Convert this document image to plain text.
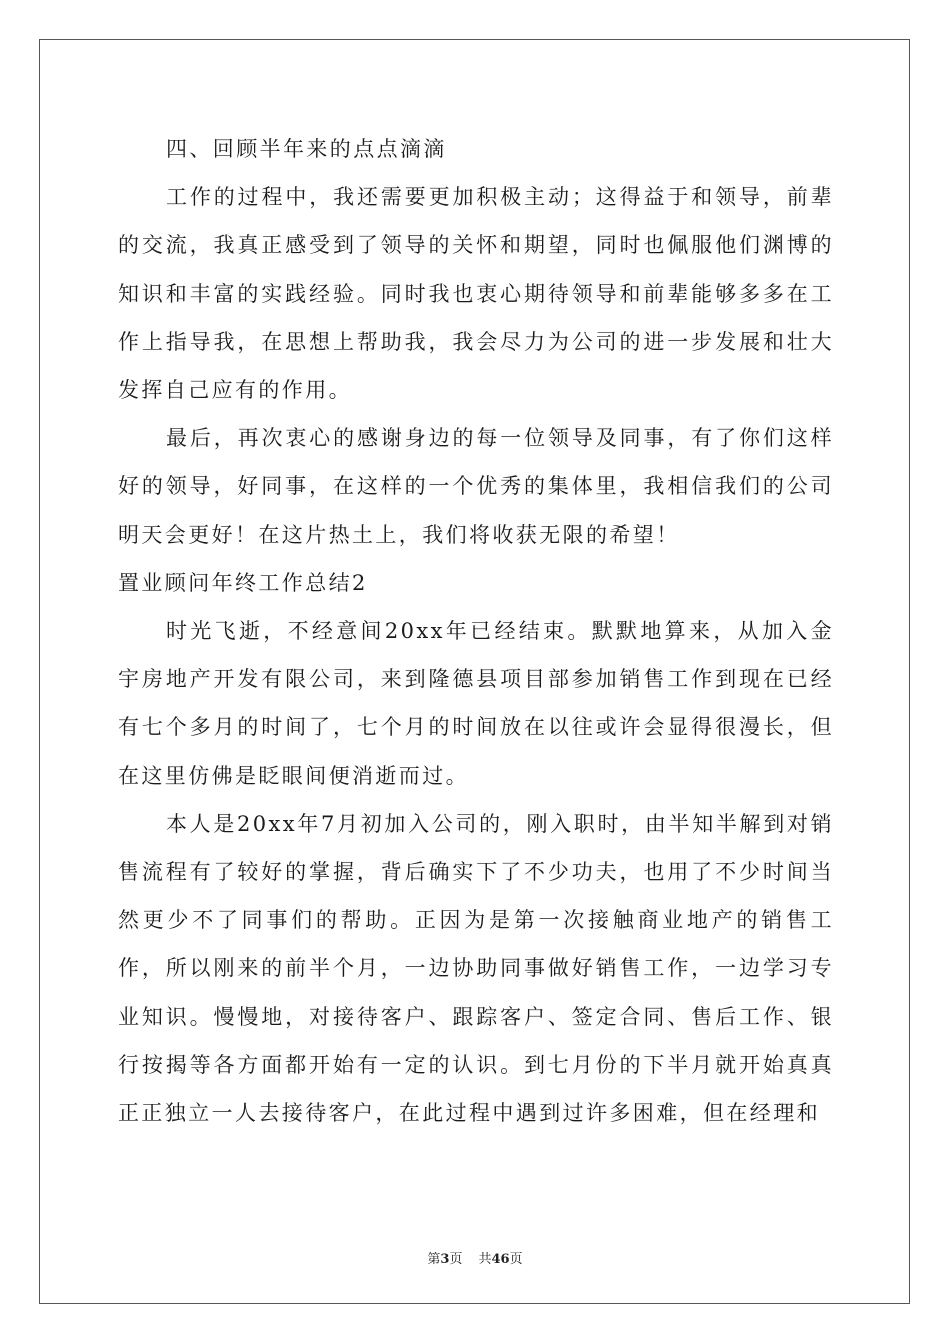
四、回顾半年来的点点滴滴

工作的过程中，我还需要更加积极主动；这得益于和领导，前辈的交流，我真正感受到了领导的关怀和期望，同时也佩服他们渊博的知识和丰富的实践经验。同时我也衷心期待领导和前辈能够多多在工作上指导我，在思想上帮助我，我会尽力为公司的进一步发展和壮大发挥自己应有的作用。

最后，再次衷心的感谢身边的每一位领导及同事，有了你们这样好的领导，好同事，在这样的一个优秀的集体里，我相信我们的公司明天会更好！在这片热土上，我们将收获无限的希望！

置业顾问年终工作总结2

时光飞逝，不经意间20xx年已经结束。默默地算来，从加入金宇房地产开发有限公司，来到隆德县项目部参加销售工作到现在已经有七个多月的时间了，七个月的时间放在以往或许会显得很漫长，但在这里仿佛是眨眼间便消逝而过。

本人是20xx年7月初加入公司的，刚入职时，由半知半解到对销售流程有了较好的掌握，背后确实下了不少功夫，也用了不少时间当然更少不了同事们的帮助。正因为是第一次接触商业地产的销售工作，所以刚来的前半个月，一边协助同事做好销售工作，一边学习专业知识。慢慢地，对接待客户、跟踪客户、签定合同、售后工作、银行按揭等各方面都开始有一定的认识。到七月份的下半月就开始真真正正独立一人去接待客户，在此过程中遇到过许多困难，但在经理和

第3页 共46页
